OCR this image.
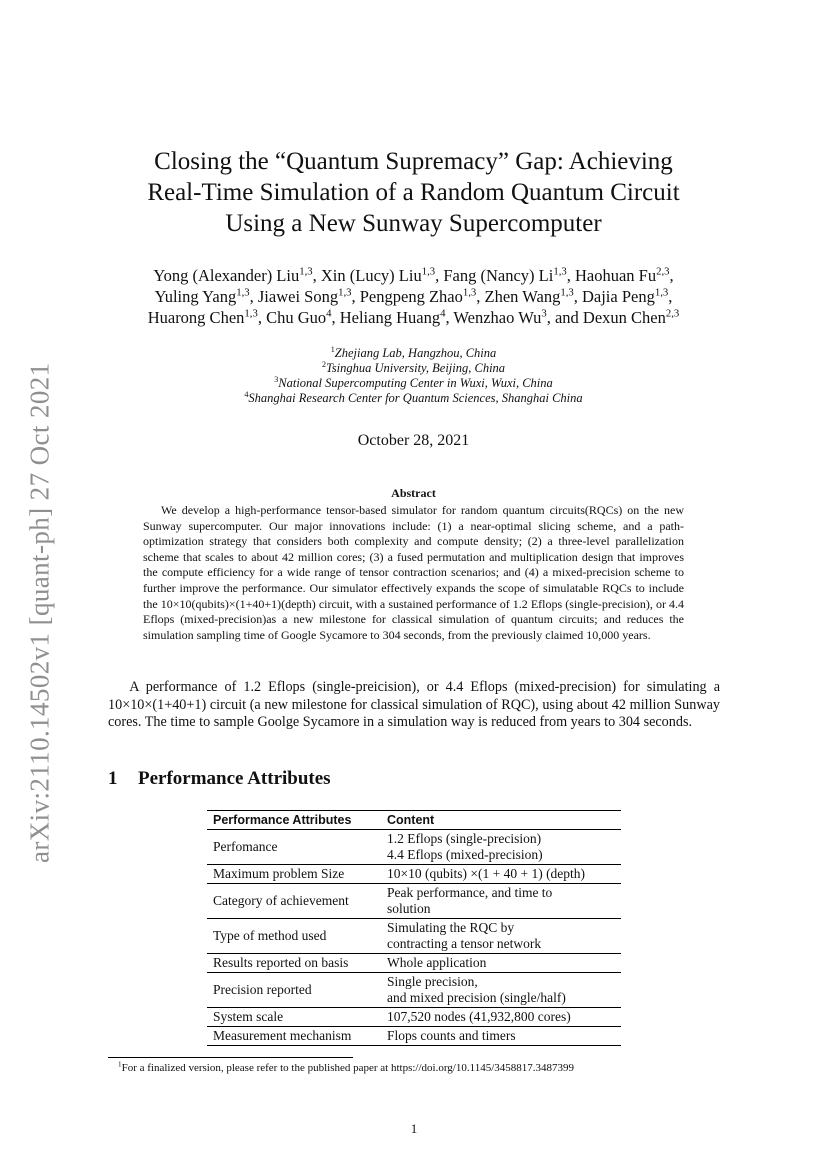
arXiv:2110.14502v1 [quant-ph] 27 Oct 2021
Closing the “Quantum Supremacy” Gap: Achieving
Real-Time Simulation of a Random Quantum Circuit
Using a New Sunway Supercomputer
Yong (Alexander) Liu$^{1,3}$, Xin (Lucy) Liu$^{1,3}$, Fang (Nancy) Li$^{1,3}$, Haohuan Fu$^{2,3}$,
Yuling Yang$^{1,3}$, Jiawei Song$^{1,3}$, Pengpeng Zhao$^{1,3}$, Zhen Wang$^{1,3}$, Dajia Peng$^{1,3}$,
Huarong Chen$^{1,3}$, Chu Guo$^4$, Heliang Huang$^4$, Wenzhao Wu$^3$, and Dexun Chen$^{2,3}$
$^1$Zhejiang Lab, Hangzhou, China
$^2$Tsinghua University, Beijing, China
$^3$National Supercomputing Center in Wuxi, Wuxi, China
$^4$Shanghai Research Center for Quantum Sciences, Shanghai China
October 28, 2021
Abstract

We develop a high-performance tensor-based simulator for random quantum circuits(RQCs) on the new Sunway supercomputer. Our major innovations include: (1) a near-optimal slicing scheme, and a path-optimization strategy that considers both complexity and compute density; (2) a three-level parallelization scheme that scales to about 42 million cores; (3) a fused permutation and multiplication design that improves the compute efficiency for a wide range of tensor contraction scenarios; and (4) a mixed-precision scheme to further improve the performance. Our simulator effectively expands the scope of simulatable RQCs to include the 10×10(qubits)×(1+40+1)(depth) circuit, with a sustained performance of 1.2 Eflops (single-precision), or 4.4 Eflops (mixed-precision)as a new milestone for classical simulation of quantum circuits; and reduces the simulation sampling time of Google Sycamore to 304 seconds, from the previously claimed 10,000 years.

A performance of 1.2 Eflops (single-preicision), or 4.4 Eflops (mixed-precision) for simulating a 10×10×(1+40+1) circuit (a new milestone for classical simulation of RQC), using about 42 million Sunway cores. The time to sample Goolge Sycamore in a simulation way is reduced from years to 304 seconds.

1 Performance Attributes
Performance Attributes	Content
Perfomance	1.2 Eflops (single-precision)
4.4 Eflops (mixed-precision)

Maximum problem Size	10×10 (qubits) ×(1 + 40 + 1) (depth)

Category of achievement	Peak performance, and time to
solution

Type of method used	Simulating the RQC by
contracting a tensor network

Results reported on basis	Whole application

Precision reported	Single precision,
and mixed precision (single/half)

System scale	107,520 nodes (41,932,800 cores)

Measurement mechanism	Flops counts and timers
$^1$For a finalized version, please refer to the published paper at https://doi.org/10.1145/3458817.3487399
1
